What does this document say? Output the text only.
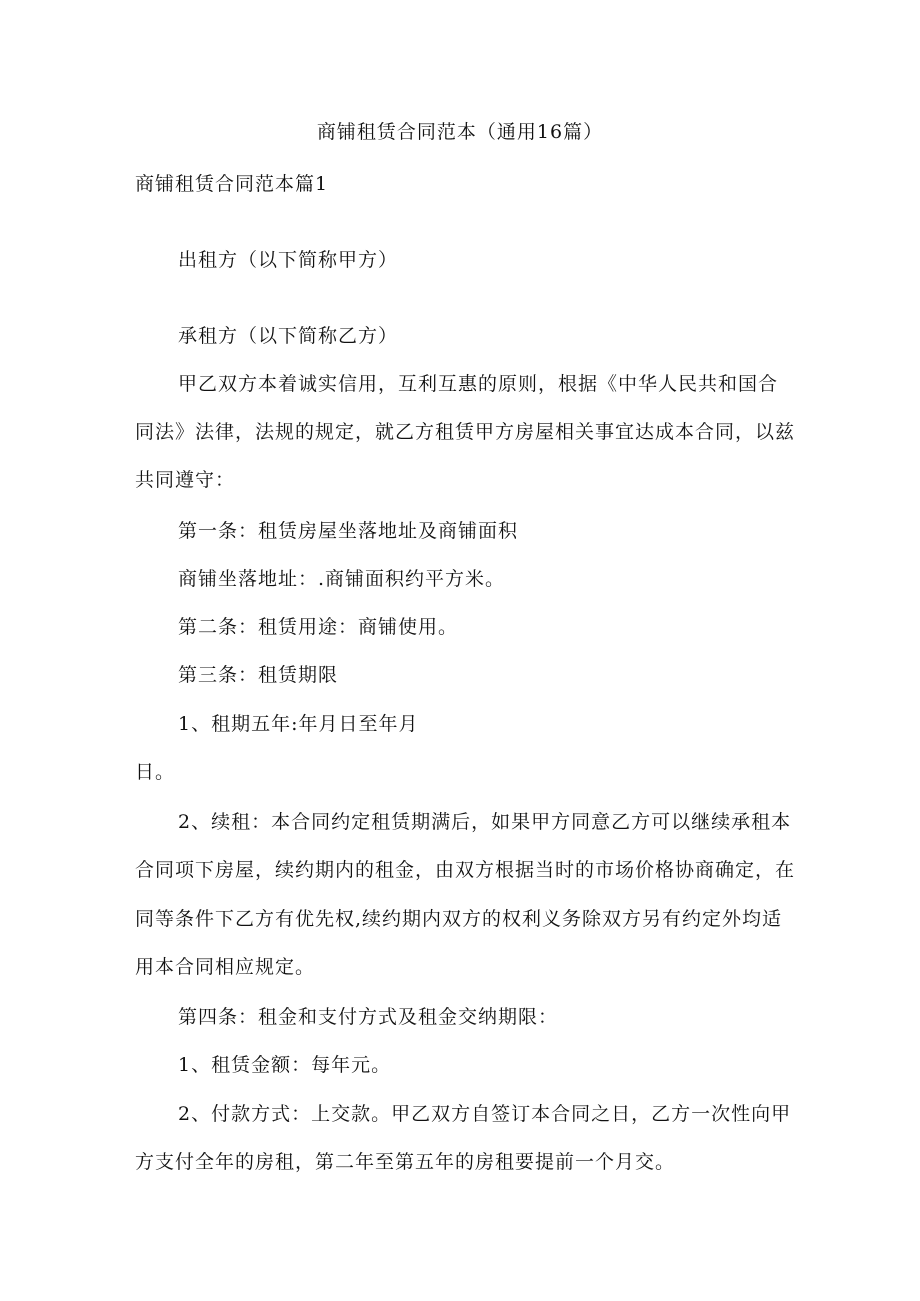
商铺租赁合同范本（通用16篇）
商铺租赁合同范本篇1
出租方（以下简称甲方）
承租方（以下简称乙方）
甲乙双方本着诚实信用，互利互惠的原则，根据《中华人民共和国合
同法》法律，法规的规定，就乙方租赁甲方房屋相关事宜达成本合同，以兹
共同遵守：
第一条：租赁房屋坐落地址及商铺面积
商铺坐落地址：.商铺面积约平方米。
第二条：租赁用途：商铺使用。
第三条：租赁期限
1、租期五年:年月日至年月
日。
2、续租：本合同约定租赁期满后，如果甲方同意乙方可以继续承租本
合同项下房屋，续约期内的租金，由双方根据当时的市场价格协商确定，在
同等条件下乙方有优先权,续约期内双方的权利义务除双方另有约定外均适
用本合同相应规定。
第四条：租金和支付方式及租金交纳期限：
1、租赁金额：每年元。
2、付款方式：上交款。甲乙双方自签订本合同之日，乙方一次性向甲
方支付全年的房租，第二年至第五年的房租要提前一个月交。
